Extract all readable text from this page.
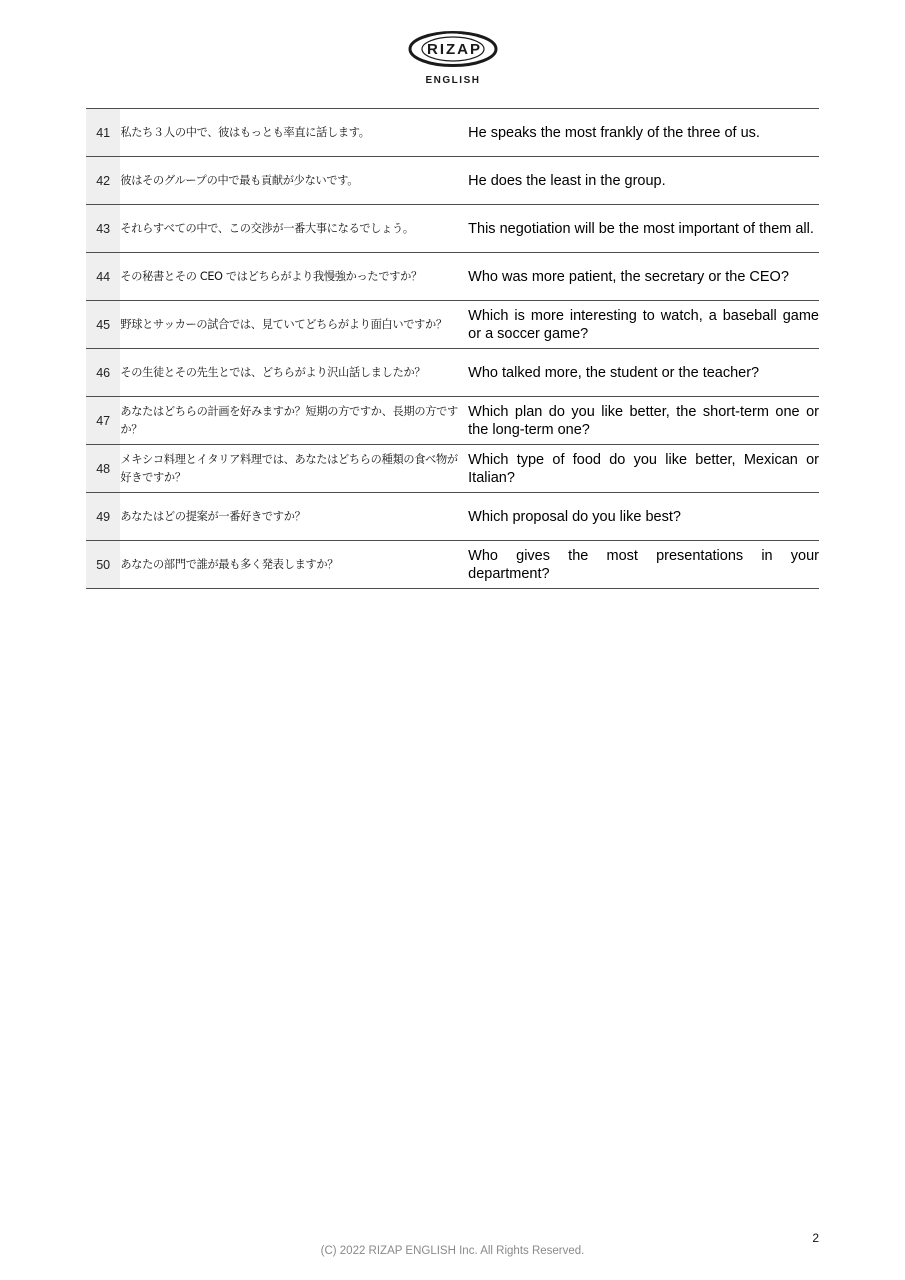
RIZAP
ENGLISH
41	私たち３人の中で、彼はもっとも率直に話します。		He speaks the most frankly of the three of us.
42	彼はそのグループの中で最も貢献が少ないです。		He does the least in the group.
43	それらすべての中で、この交渉が一番大事になるでしょう。		This negotiation will be the most important of them all.
44	その秘書とその CEO ではどちらがより我慢強かったですか？		Who was more patient, the secretary or the CEO?
45	野球とサッカーの試合では、見ていてどちらがより面白いですか？		Which is more interesting to watch, a baseball game or a soccer game?
46	その生徒とその先生とでは、どちらがより沢山話しましたか？		Who talked more, the student or the teacher?
47	あなたはどちらの計画を好みますか？短期の方ですか、長期の方ですか？		Which plan do you like better, the short-term one or the long-term one?
48	メキシコ料理とイタリア料理では、あなたはどちらの種類の食べ物が好きですか？		Which type of food do you like better, Mexican or Italian?
49	あなたはどの提案が一番好きですか？		Which proposal do you like best?
50	あなたの部門で誰が最も多く発表しますか？		Who gives the most presentations in your department?
2
(C) 2022 RIZAP ENGLISH Inc. All Rights Reserved.
